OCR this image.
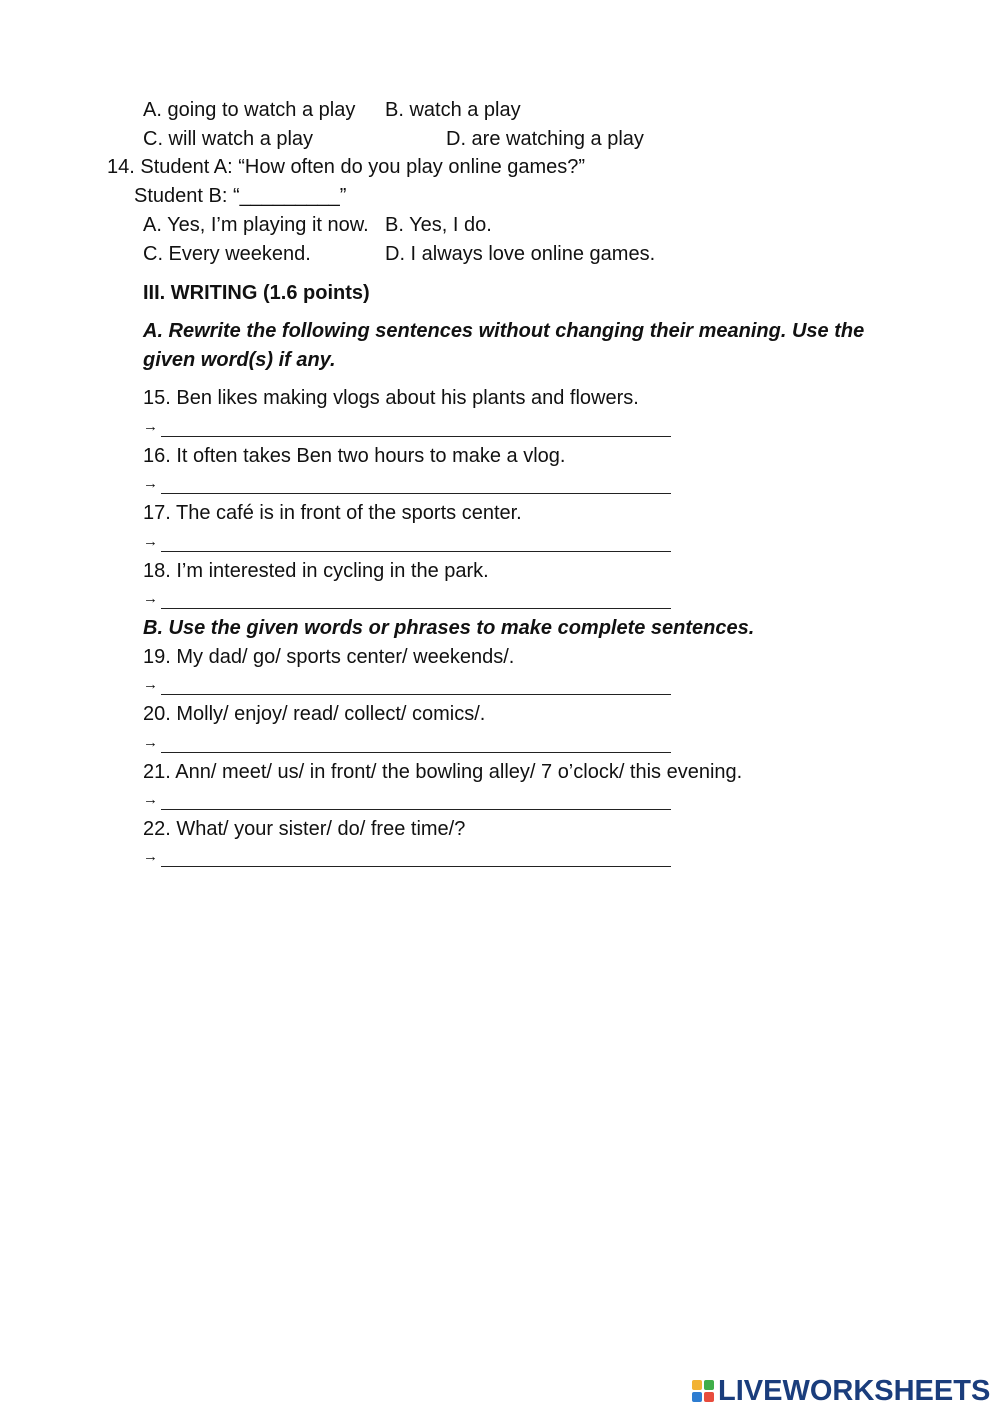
A. going to watch a play B. watch a play
C. will watch a play	D. are watching a play
14. Student A: “How often do you play online games?”
Student B: “_________”
A. Yes, I’m playing it now. B. Yes, I do.
C. Every weekend.	D. I always love online games.
III. WRITING (1.6 points)
A. Rewrite the following sentences without changing their meaning. Use the
given word(s) if any.
15. Ben likes making vlogs about his plants and flowers.
→
16. It often takes Ben two hours to make a vlog.
→
17. The café is in front of the sports center.
→
18. I’m interested in cycling in the park.
→
B. Use the given words or phrases to make complete sentences.
19. My dad/ go/ sports center/ weekends/.
→
20. Molly/ enjoy/ read/ collect/ comics/.
→
21. Ann/ meet/ us/ in front/ the bowling alley/ 7 o’clock/ this evening.
→
22. What/ your sister/ do/ free time/?
→
LIVEWORKSHEETS
